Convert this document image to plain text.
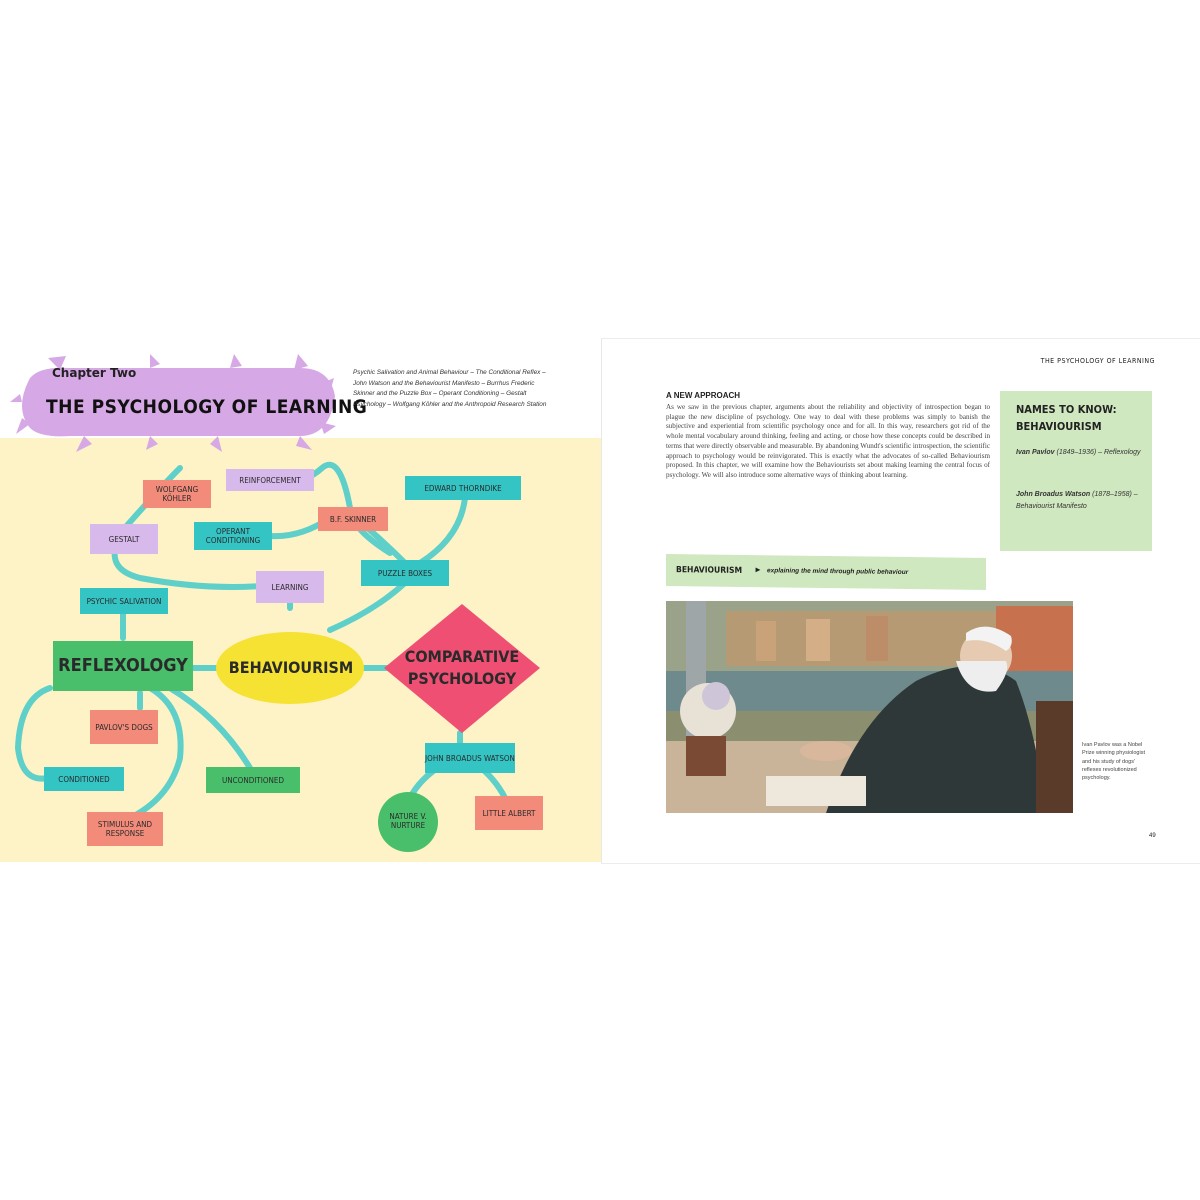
Chapter Two
THE PSYCHOLOGY OF LEARNING
Psychic Salivation and Animal Behaviour – The Conditional Reflex – John Watson and the Behaviourist Manifesto – Burrhus Frederic Skinner and the Puzzle Box – Operant Conditioning – Gestalt Psychology – Wolfgang Köhler and the Anthropoid Research Station
WOLFGANG KÖHLER
REINFORCEMENT
EDWARD THORNDIKE
B.F. SKINNER
OPERANT CONDITIONING
GESTALT
PUZZLE BOXES
LEARNING
PSYCHIC SALIVATION
REFLEXOLOGY	BEHAVIOURISM
COMPARATIVE PSYCHOLOGY
PAVLOV'S DOGS
CONDITIONED	UNCONDITIONED
JOHN BROADUS WATSON
STIMULUS AND RESPONSE
NATURE V. NURTURE
LITTLE ALBERT
THE PSYCHOLOGY OF LEARNING
A NEW APPROACH
As we saw in the previous chapter, arguments about the reliability and objectivity of introspection began to plague the new discipline of psychology. One way to deal with these problems was simply to banish the subjective and experiential from scientific psychology once and for all. In this way, researchers got rid of the whole mental vocabulary around thinking, feeling and acting, or chose how these concepts could be described in terms that were directly observable and measurable. By abandoning Wundt's scientific introspection, the scientific approach to psychology would be reinvigorated. This is exactly what the advocates of so-called Behaviourism proposed. In this chapter, we will examine how the Behaviourists set about making learning the central focus of psychology. We will also introduce some alternative ways of thinking about learning.
NAMES TO KNOW: BEHAVIOURISM
Ivan Pavlov (1849–1936) – Reflexology
John Broadus Watson (1878–1958) – Behaviourist Manifesto
BEHAVIOURISM ► explaining the mind through public behaviour
Ivan Pavlov was a Nobel Prize winning physiologist and his study of dogs' reflexes revolutionized psychology.
49
